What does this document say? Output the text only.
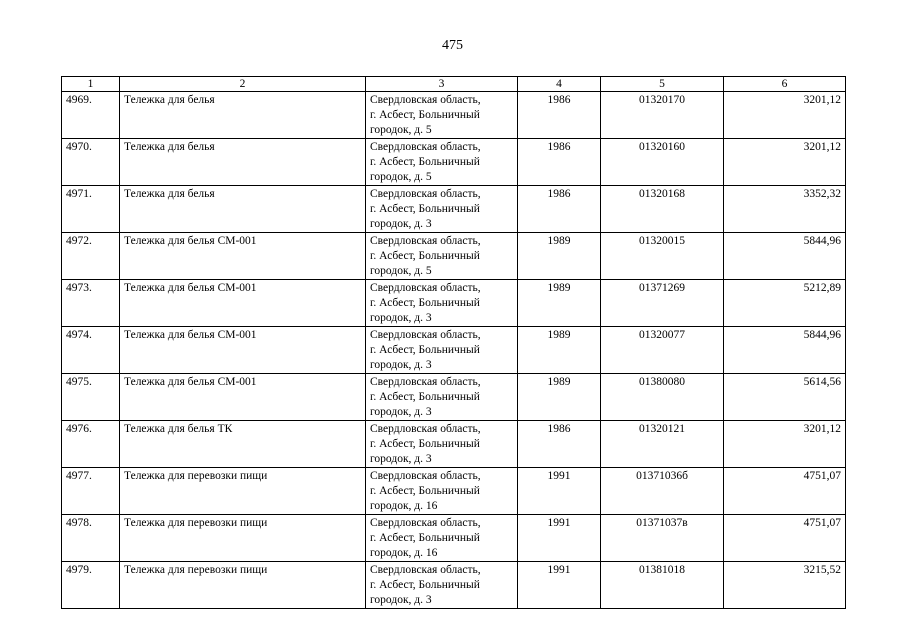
475
1	2	3	4	5	6
4969.	Тележка для белья	Свердловская область,
г. Асбест, Больничный
городок, д. 5	1986	01320170	3201,12
4970.	Тележка для белья	Свердловская область,
г. Асбест, Больничный
городок, д. 5	1986	01320160	3201,12
4971.	Тележка для белья	Свердловская область,
г. Асбест, Больничный
городок, д. 3	1986	01320168	3352,32
4972.	Тележка для белья СМ-001	Свердловская область,
г. Асбест, Больничный
городок, д. 5	1989	01320015	5844,96
4973.	Тележка для белья СМ-001	Свердловская область,
г. Асбест, Больничный
городок, д. 3	1989	01371269	5212,89
4974.	Тележка для белья СМ-001	Свердловская область,
г. Асбест, Больничный
городок, д. 3	1989	01320077	5844,96
4975.	Тележка для белья СМ-001	Свердловская область,
г. Асбест, Больничный
городок, д. 3	1989	01380080	5614,56
4976.	Тележка для белья ТК	Свердловская область,
г. Асбест, Больничный
городок, д. 3	1986	01320121	3201,12
4977.	Тележка для перевозки пищи	Свердловская область,
г. Асбест, Больничный
городок, д. 16	1991	01371036б	4751,07
4978.	Тележка для перевозки пищи	Свердловская область,
г. Асбест, Больничный
городок, д. 16	1991	01371037в	4751,07
4979.	Тележка для перевозки пищи	Свердловская область,
г. Асбест, Больничный
городок, д. 3	1991	01381018	3215,52
